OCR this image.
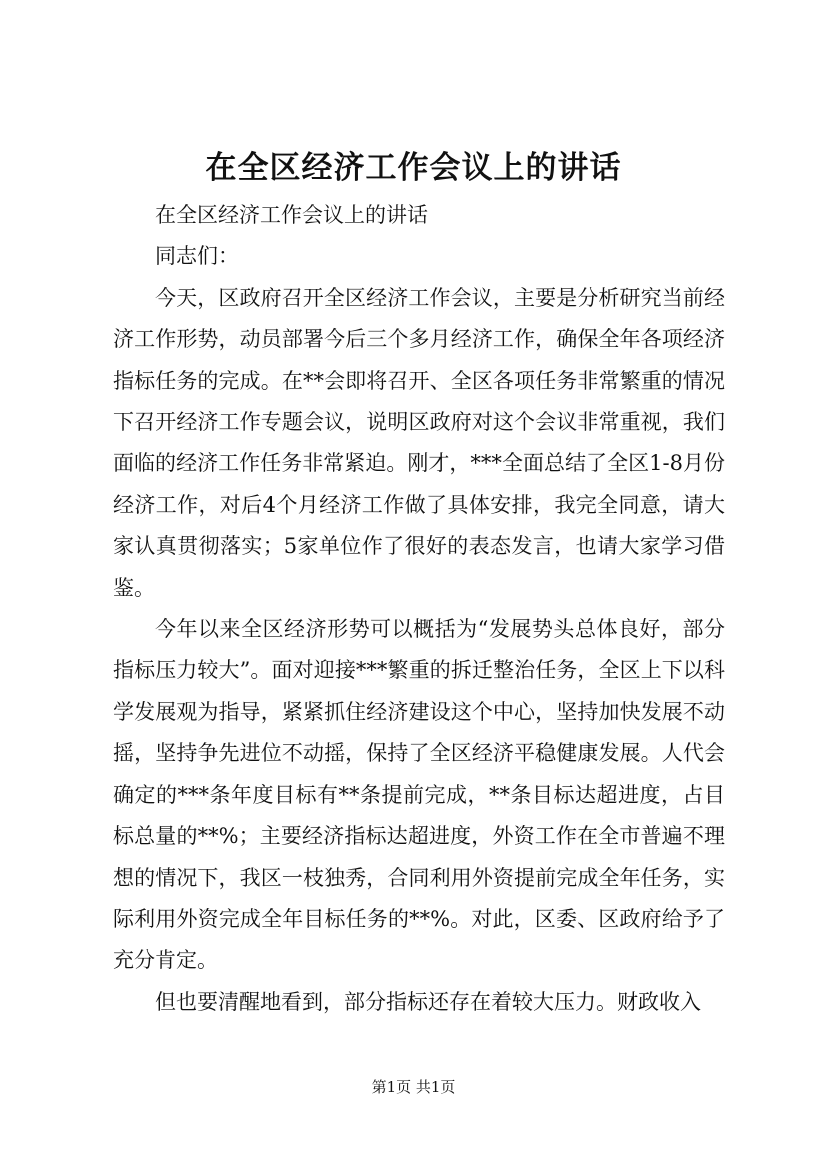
在全区经济工作会议上的讲话

在全区经济工作会议上的讲话

同志们：

今天，区政府召开全区经济工作会议，主要是分析研究当前经济工作形势，动员部署今后三个多月经济工作，确保全年各项经济指标任务的完成。在**会即将召开、全区各项任务非常繁重的情况下召开经济工作专题会议，说明区政府对这个会议非常重视，我们面临的经济工作任务非常紧迫。刚才，***全面总结了全区1-8月份经济工作，对后4个月经济工作做了具体安排，我完全同意，请大家认真贯彻落实；5家单位作了很好的表态发言，也请大家学习借鉴。

今年以来全区经济形势可以概括为“发展势头总体良好，部分指标压力较大”。面对迎接***繁重的拆迁整治任务，全区上下以科学发展观为指导，紧紧抓住经济建设这个中心，坚持加快发展不动摇，坚持争先进位不动摇，保持了全区经济平稳健康发展。人代会确定的***条年度目标有**条提前完成，**条目标达超进度，占目标总量的**%；主要经济指标达超进度，外资工作在全市普遍不理想的情况下，我区一枝独秀，合同利用外资提前完成全年任务，实际利用外资完成全年目标任务的**%。对此，区委、区政府给予了充分肯定。

但也要清醒地看到，部分指标还存在着较大压力。财政收入

第1页 共1页
